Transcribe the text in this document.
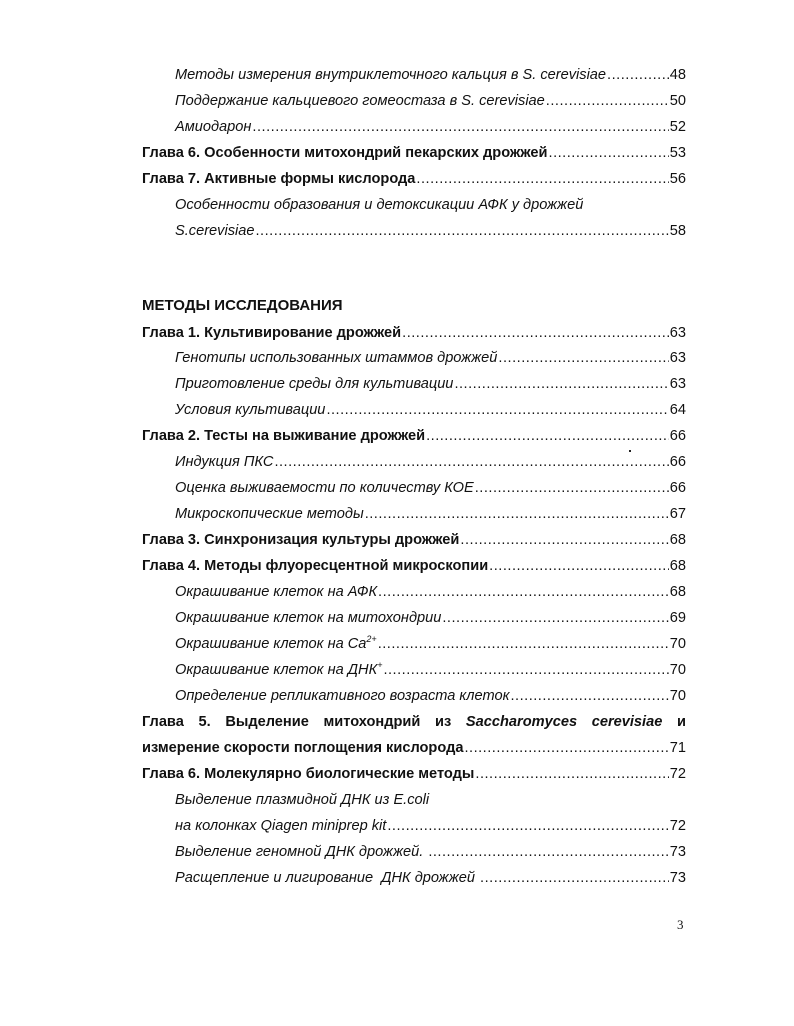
Методы измерения внутриклеточного кальция в S. cerevisiae .....	48
Поддержание кальциевого гомеостаза в S. cerevisiae .....	50
Амиодарон .....	52
Глава 6. Особенности митохондрий пекарских дрожжей .....	53
Глава 7. Активные формы кислорода .....	56
Особенности образования и детоксикации АФК у дрожжей
S.cerevisiae .....	58
МЕТОДЫ ИССЛЕДОВАНИЯ
Глава 1. Культивирование дрожжей .....	63
Генотипы использованных штаммов дрожжей .....	63
Приготовление среды для культивации .....	63
Условия культивации .....	64
Глава 2. Тесты на выживание дрожжей .....	66
Индукция ПКС .....	66
Оценка выживаемости по количеству КОЕ .....	66
Микроскопические методы .....	67
Глава 3. Синхронизация культуры дрожжей .....	68
Глава 4. Методы флуоресцентной микроскопии .....	68
Окрашивание клеток на АФК .....	68
Окрашивание клеток на митохондрии .....	69
Окрашивание клеток на $Ca^{2+}$ .....	70
Окрашивание клеток на ДНК+ .....	70
Определение репликативного возраста клеток .....	70
Глава 5. Выделение митохондрий из Saccharomyces cerevisiae и
измерение скорости поглощения кислорода .....	71
Глава 6. Молекулярно биологические методы .....	72
Выделение плазмидной ДНК из E.coli
на колонках Qiagen miniprep kit .....	72
Выделение геномной ДНК дрожжей. .....	73
Расщепление и лигирование  ДНК дрожжей .....	73
3
